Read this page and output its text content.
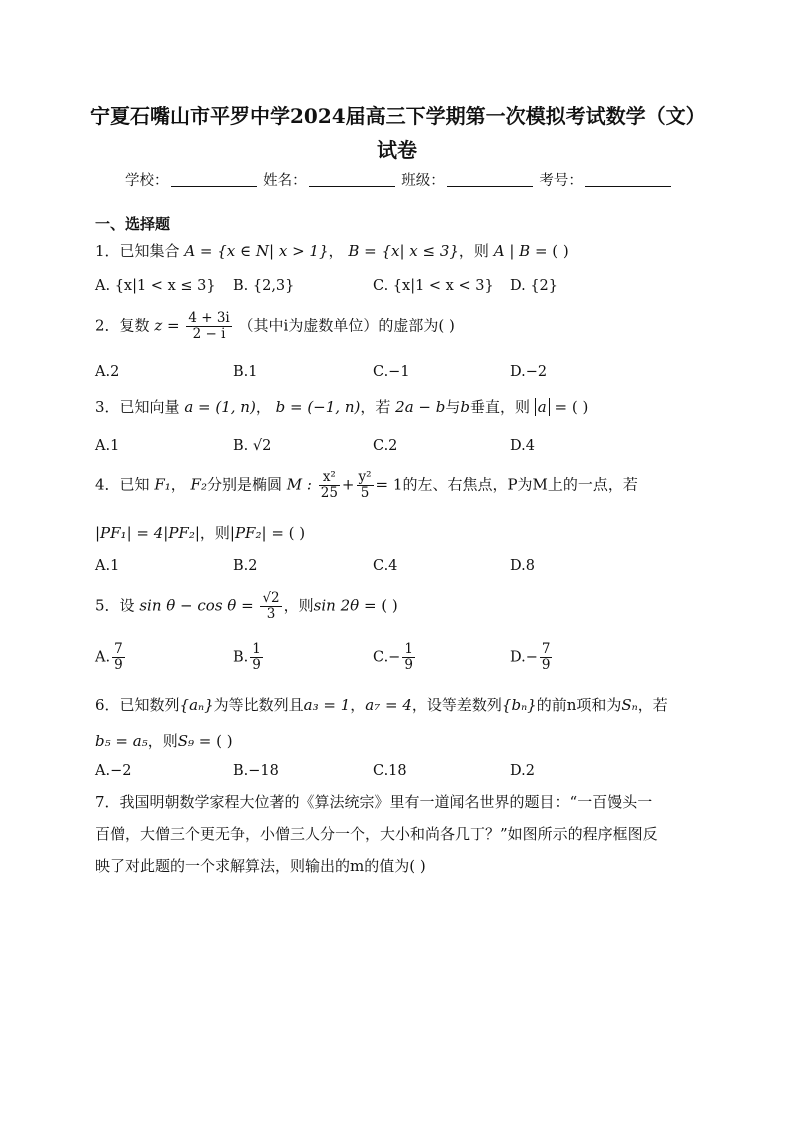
宁夏石嘴山市平罗中学2024届高三下学期第一次模拟考试数学（文）
试卷
学校：	姓名：	班级：	考号：
一、选择题
1．已知集合 A = {x ∈ N| x > 1}， B = {x| x ≤ 3}，则 A | B = ( )
A. {x|1 < x ≤ 3} B. {2,3}	C. {x|1 < x < 3} D. {2}
2．复数 $z = \frac{4 + 3i}{2 - i}$ （其中i为虚数单位）的虚部为( )
A.2	B.1	C.−1	D.−2
3．已知向量 a = (1, n)， b = (−1, n)，若 2a − b与b垂直，则 a = ( )
A.1	B. √2	C.2	D.4
4．已知 F₁， F₂分别是椭圆 M : $\frac{\text{x²}}{25} + \frac{\text{y²}}{5} = 1$的左、右焦点，P为M上的一点，若
|PF₁| = 4|PF₂|，则|PF₂| = ( )
A.1	B.2	C.4	D.8
5．设 $\sin \theta - \cos \theta = \frac{√2}{3}$ ，则sin 2θ = ( )
A. $\frac{7}{9}$	B. $\frac{1}{9}$	$C.- \frac{1}{9}$	$D.- \frac{7}{9}$
6．已知数列{aₙ}为等比数列且a₃ = 1，a₇ = 4，设等差数列{bₙ}的前n项和为Sₙ，若
b₅ = a₅，则S₉ = ( )
A.−2	B.−18	C.18	D.2
7．我国明朝数学家程大位著的《算法统宗》里有一道闻名世界的题目：“一百馒头一
百僧，大僧三个更无争，小僧三人分一个，大小和尚各几丁？”如图所示的程序框图反
映了对此题的一个求解算法，则输出的m的值为( )
